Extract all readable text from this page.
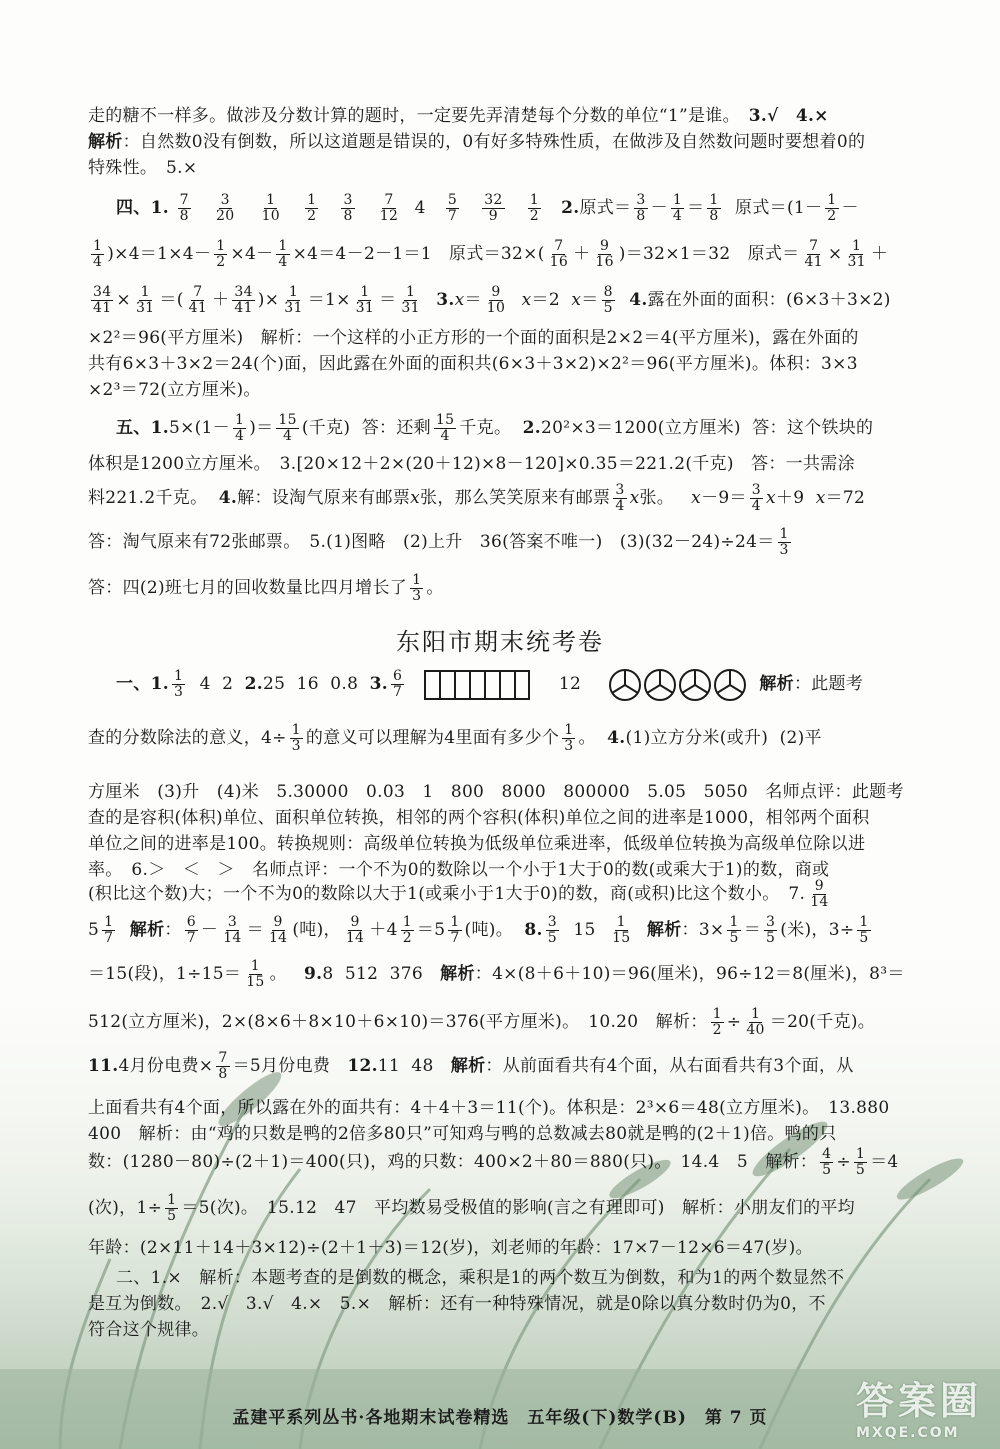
走的糖不一样多。做涉及分数计算的题时，一定要先弄清楚每个分数的单位“1”是谁。　 3.√　4.×
解析：自然数0没有倒数，所以这道题是错误的，0有好多特殊性质，在做涉及自然数问题时要想着0的
特殊性。　5.×
四、1. $\frac{7}{8}$
$\frac{3}{20}$
$\frac{1}{10}$
$\frac{1}{2}$
$\frac{3}{8}$
$\frac{7}{12} 4 \frac{5}{7}$
$\frac{32}{9}$
$\frac{1}{2} 2$.原式＝ $\frac{3}{8} - \frac{1}{4} = \frac{1}{8}$ 原式$=(1- \frac{1}{2}$ －
$\frac{1}{4} )\times 4=1\times 4- \frac{1}{2} \times 4- \frac{1}{4} \times 4=4-2-1=1$   原式$=32\times( \frac{7}{16} + \frac{9}{16} )=32\times 1=32$   原式＝ $\frac{7}{41} \times \frac{1}{31}$ ＋
$\frac{34}{41} \times \frac{1}{31}$ ＝( $\frac{7}{41} + \frac{34}{41}$ )× $\frac{1}{31} =1\times \frac{1}{31} = \frac{1}{31} 3.x= \frac{9}{10} x=2$  $x= \frac{8}{5} 4$.露在外面的面积：(6×3＋3×2)
×2²＝96(平方厘米)　解析：一个这样的小正方形的一个面的面积是2×2＝4(平方厘米)，露在外面的
共有6×3＋3×2＝24(个)面，因此露在外面的面积共(6×3＋3×2)×2²＝96(平方厘米)。体积：3×3
×2³＝72(立方厘米)。
五、$1.5\times(1- \frac{1}{4}$ )＝ $\frac{15}{4}$ (千克)  答：还剩 $\frac{15}{4}$ 千克。  2.20²×3＝1200(立方厘米)  答：这个铁块的
体积是1200立方厘米。　3.[20×12＋2×(20＋12)×8－120]×0.35＝221.2(千克)　答：一共需涂
料221.2千克。  4.解：设淘气原来有邮票x张，那么笑笑原来有邮票 $\frac{3}{4}$ x张。   $x-9= \frac{3}{4} x+9$  x＝72
答：淘气原来有72张邮票。　5.(1)图略　(2)上升　36(答案不唯一)　$(3)(32-24)\div 24= \frac{1}{3}$
答：四(2)班七月的回收数量比四月增长了 $\frac{1}{3}$ 。
东阳市期末统考卷
一、1. $\frac{1}{3} 4$  2  2.25  16  0.8  3. $\frac{6}{7}$	12	解析：此题考
查的分数除法的意义，$4\div \frac{1}{3}$ 的意义可以理解为4里面有多少个 $\frac{1}{3}$ 。  4.(1)立方分米(或升)  (2)平
方厘米　(3)升　(4)米　5.30000　0.03　1　800　8000　800000　5.05　5050　名师点评：此题考
查的是容积(体积)单位、面积单位转换，相邻的两个容积(体积)单位之间的进率是1000，相邻两个面积
单位之间的进率是100。转换规则：高级单位转换为低级单位乘进率，低级单位转换为高级单位除以进
率。　6.＞　＜　＞　名师点评：一个不为0的数除以一个小于1大于0的数(或乘大于1)的数，商或
(积比这个数)大；一个不为0的数除以大于1(或乘小于1大于0)的数，商(或积)比这个数小。　7. $\frac{9}{14}$
$5 \frac{1}{7}$ 解析： $\frac{6}{7} - \frac{3}{14} = \frac{9}{14}$ (吨)， $\frac{9}{14} +4 \frac{1}{2} =5 \frac{1}{7}$ (吨)。  8. $\frac{3}{5} 15 \frac{1}{15}$ 解析：$3\times \frac{1}{5} = \frac{3}{5}$ (米)，$3\div \frac{1}{5}$
＝15(段)，$1\div 15= \frac{1}{15}$ 。   9.8  512  376   解析：4×(8＋6＋10)＝96(厘米)，96÷12＝8(厘米)，8³＝
512(立方厘米)，2×(8×6＋8×10＋6×10)＝376(平方厘米)。　10.20　解析： $\frac{1}{2} \div \frac{1}{40} =20$(千克)。
11.4月份电费× $\frac{7}{8} =5$月份电费   12.11  48   解析：从前面看共有4个面，从右面看共有3个面，从
上面看共有4个面，所以露在外的面共有：4＋4＋3＝11(个)。体积是：2³×6＝48(立方厘米)。　13.880
400　解析：由“鸡的只数是鸭的2倍多80只”可知鸡与鸭的总数减去80就是鸭的(2＋1)倍。鸭的只
数：(1280－80)÷(2＋1)＝400(只)，鸡的只数：400×2＋80＝880(只)。　14.4　5　解析： $\frac{4}{5} \div \frac{1}{5} =4$
(次)，$1\div \frac{1}{5} =5$(次)。　15.12　47　平均数易受极值的影响(言之有理即可)　解析：小朋友们的平均
年龄：(2×11＋14＋3×12)÷(2＋1＋3)＝12(岁)，刘老师的年龄：17×7－12×6＝47(岁)。
二、1.×　解析：本题考查的是倒数的概念，乘积是1的两个数互为倒数，和为1的两个数显然不
是互为倒数。　2.√　3.√　4.×　5.×　解析：还有一种特殊情况，就是0除以真分数时仍为0，不
符合这个规律。
孟建平系列丛书·各地期末试卷精选　五年级(下)数学(B)　第 7 页	答案圈
MXQE.COM
